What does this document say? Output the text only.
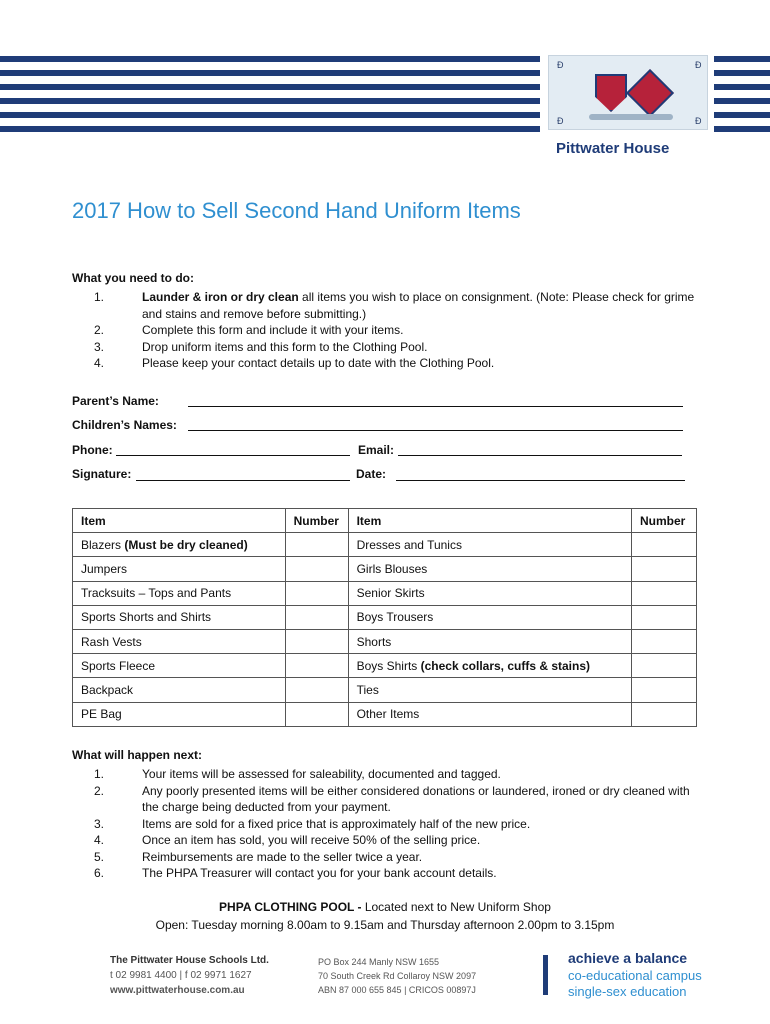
Ð	Ð
Ð	Ð
Pittwater House
2017 How to Sell Second Hand Uniform Items
What you need to do:
1.	Launder & iron or dry clean all items you wish to place on consignment. (Note: Please check for grime and stains and remove before submitting.)
2.	Complete this form and include it with your items.
3.	Drop uniform items and this form to the Clothing Pool.
4.	Please keep your contact details up to date with the Clothing Pool.
Parent’s Name:
Children’s Names:
Phone:	Email:
Signature:	Date:
Item	Number	Item	Number
Blazers (Must be dry cleaned)		Dresses and Tunics	
Jumpers		Girls Blouses	
Tracksuits – Tops and Pants		Senior Skirts	
Sports Shorts and Shirts		Boys Trousers	
Rash Vests		Shorts	
Sports Fleece		Boys Shirts (check collars, cuffs & stains)	
Backpack		Ties	
PE Bag		Other Items	
What will happen next:
1.	Your items will be assessed for saleability, documented and tagged.
2.	Any poorly presented items will be either considered donations or laundered, ironed or dry cleaned with the charge being deducted from your payment.
3.	Items are sold for a fixed price that is approximately half of the new price.
4.	Once an item has sold, you will receive 50% of the selling price.
5.	Reimbursements are made to the seller twice a year.
6.	The PHPA Treasurer will contact you for your bank account details.
PHPA CLOTHING POOL - Located next to New Uniform Shop
Open: Tuesday morning 8.00am to 9.15am and Thursday afternoon 2.00pm to 3.15pm
The Pittwater House Schools Ltd.
t 02 9981 4400 | f 02 9971 1627
www.pittwaterhouse.com.au
PO Box 244 Manly NSW 1655
70 South Creek Rd Collaroy NSW 2097
ABN 87 000 655 845 | CRICOS 00897J
achieve a balance
co-educational campus
single-sex education
